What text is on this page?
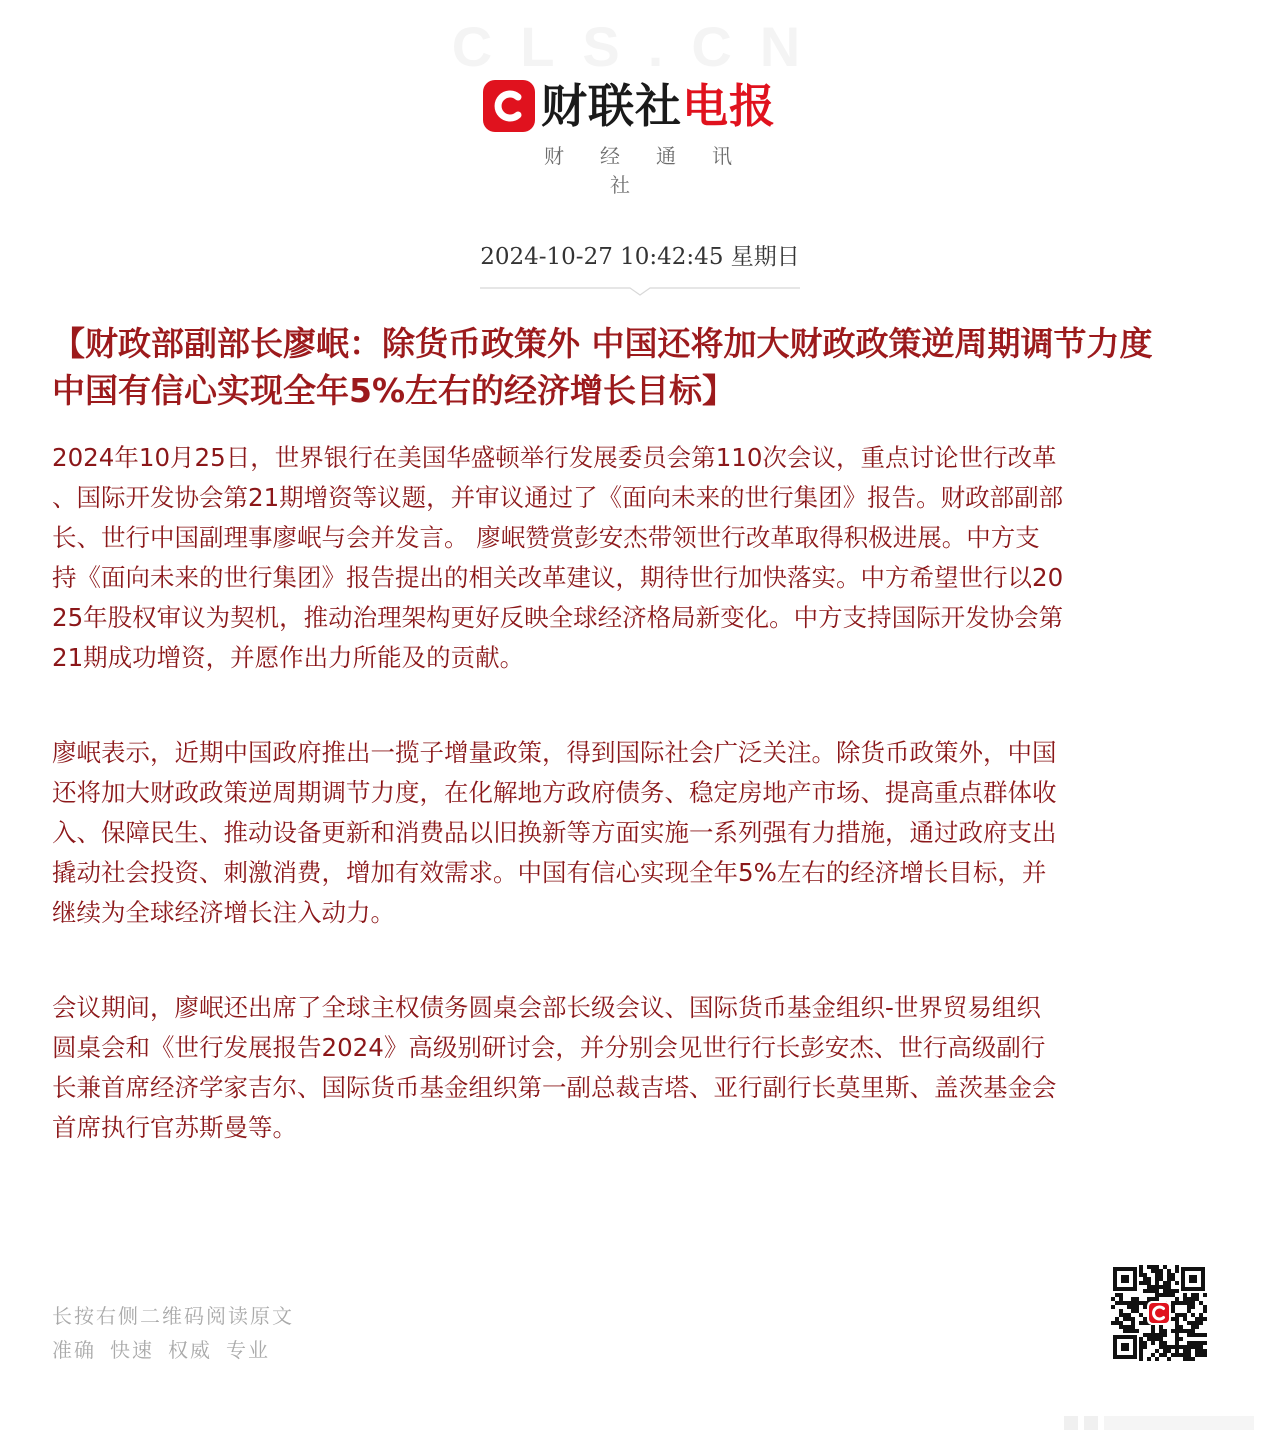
CLS.CN
财联社电报
财经通讯社
2024-10-27 10:42:45 星期日
【财政部副部长廖岷：除货币政策外 中国还将加大财政政策逆周期调节力度
中国有信心实现全年5%左右的经济增长目标】
2024年10月25日，世界银行在美国华盛顿举行发展委员会第110次会议，重点讨论世行改革
、国际开发协会第21期增资等议题，并审议通过了《面向未来的世行集团》报告。财政部副部
长、世行中国副理事廖岷与会并发言。 廖岷赞赏彭安杰带领世行改革取得积极进展。中方支
持《面向未来的世行集团》报告提出的相关改革建议，期待世行加快落实。中方希望世行以20
25年股权审议为契机，推动治理架构更好反映全球经济格局新变化。中方支持国际开发协会第
21期成功增资，并愿作出力所能及的贡献。
廖岷表示，近期中国政府推出一揽子增量政策，得到国际社会广泛关注。除货币政策外，中国
还将加大财政政策逆周期调节力度，在化解地方政府债务、稳定房地产市场、提高重点群体收
入、保障民生、推动设备更新和消费品以旧换新等方面实施一系列强有力措施，通过政府支出
撬动社会投资、刺激消费，增加有效需求。中国有信心实现全年5%左右的经济增长目标，并
继续为全球经济增长注入动力。
会议期间，廖岷还出席了全球主权债务圆桌会部长级会议、国际货币基金组织-世界贸易组织
圆桌会和《世行发展报告2024》高级别研讨会，并分别会见世行行长彭安杰、世行高级副行
长兼首席经济学家吉尔、国际货币基金组织第一副总裁吉塔、亚行副行长莫里斯、盖茨基金会
首席执行官苏斯曼等。
长按右侧二维码阅读原文
准确 快速 权威 专业
